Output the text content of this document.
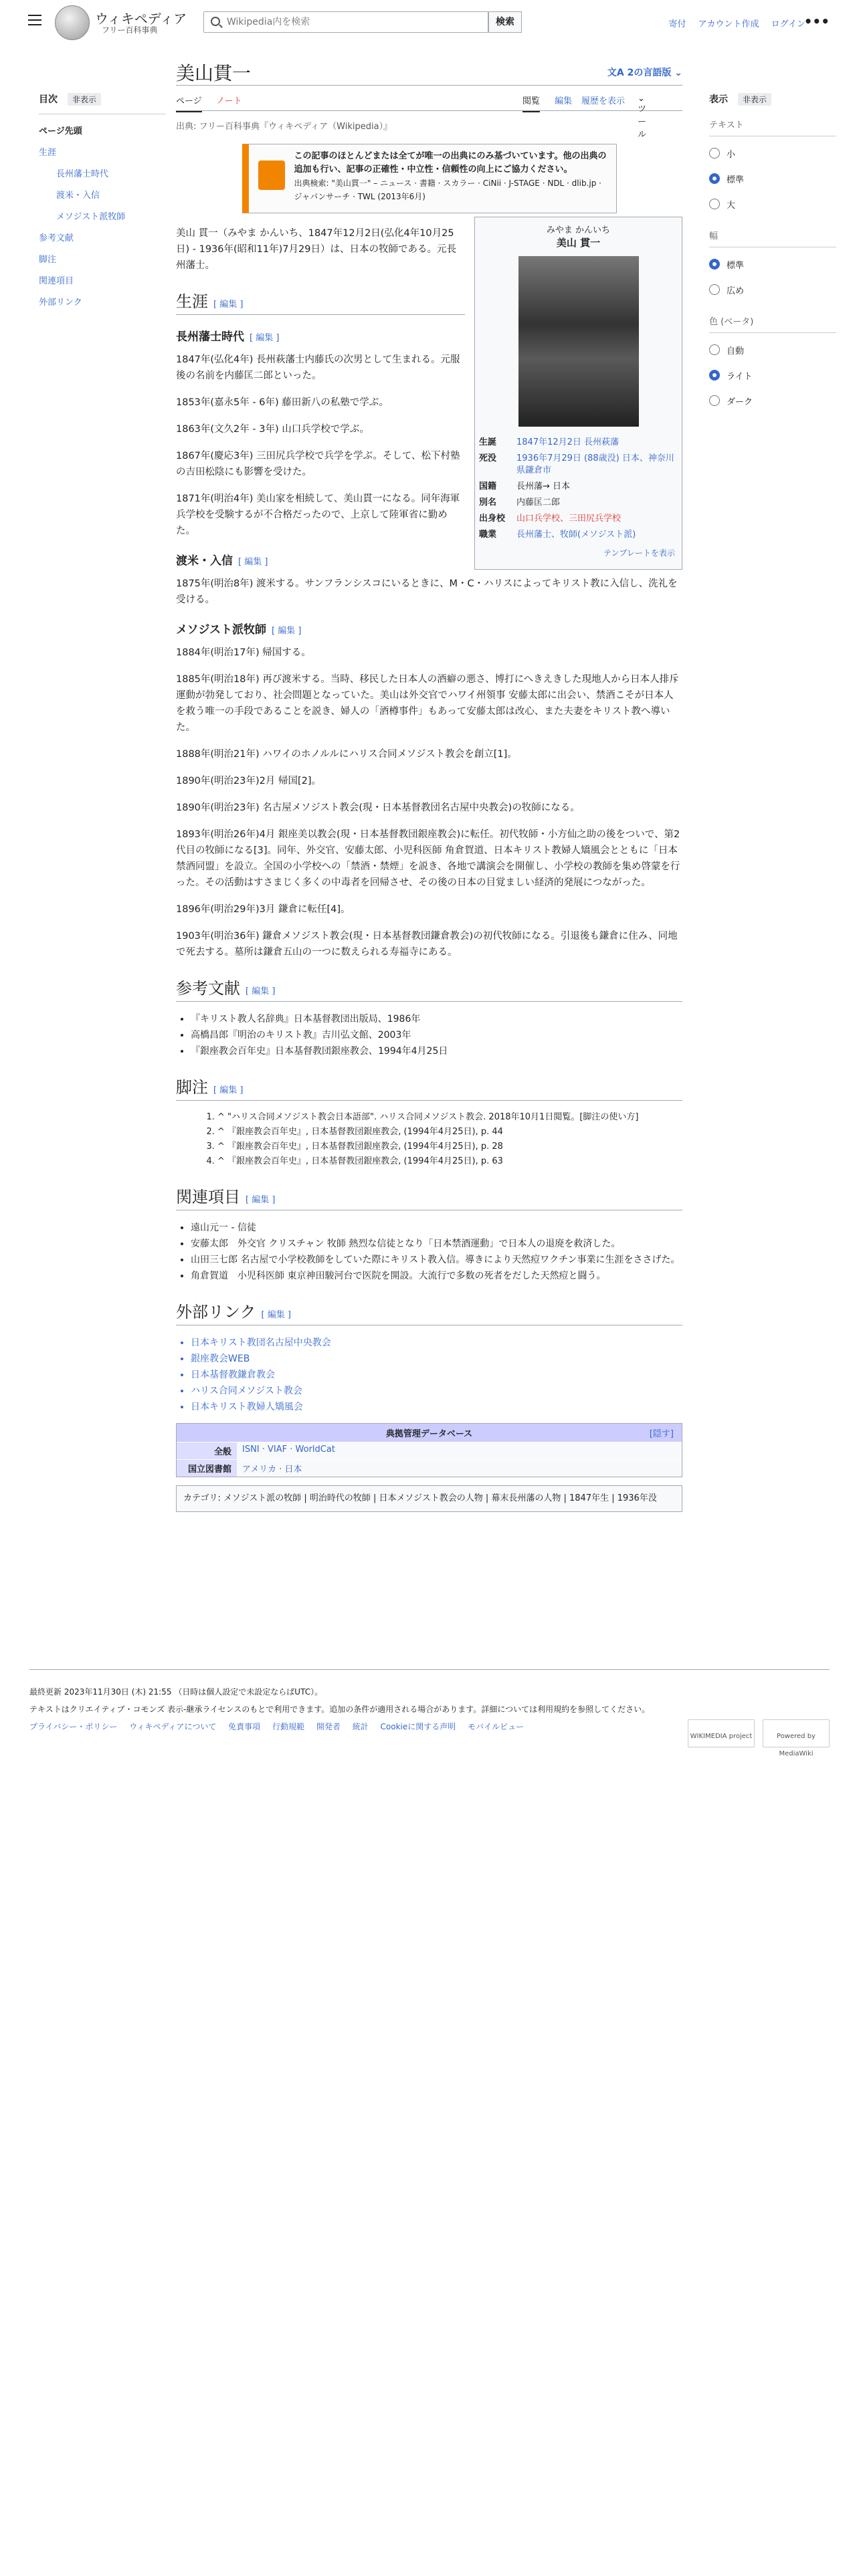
ウィキペディア
フリー百科事典
Wikipedia内を検索
検索	寄付 アカウント作成 ログイン
•••
目次 非表示
ページ先頭
生涯
長州藩士時代
渡米・入信
メソジスト派牧師
参考文献
脚注
関連項目
外部リンク
表示 非表示
テキスト
小
標準
大
幅
標準
広め
色 (ベータ)
自動
ライト
ダーク
美山貫一	文A 2の言語版 ⌄
ページ ノート	閲覧 編集 履歴を表示
ツール
⌄
出典: フリー百科事典『ウィキペディア（Wikipedia）』
この記事のほとんどまたは全てが唯一の出典にのみ基づいています。他の出典の追加も行い、記事の正確性・中立性・信頼性の向上にご協力ください。
出典検索: "美山貫一" – ニュース · 書籍 · スカラー · CiNii · J-STAGE · NDL · dlib.jp · ジャパンサーチ · TWL (2013年6月)

美山 貫一（みやま かんいち、1847年12月2日(弘化4年10月25日) - 1936年(昭和11年)7月29日）は、日本の牧師である。元長州藩士。

生涯 [ 編集 ]
長州藩士時代 [ 編集 ]

1847年(弘化4年) 長州萩藩士内藤氏の次男として生まれる。元服後の名前を内藤匡二郎といった。

1853年(嘉永5年 - 6年) 藤田新八の私塾で学ぶ。

1863年(文久2年 - 3年) 山口兵学校で学ぶ。

1867年(慶応3年) 三田尻兵学校で兵学を学ぶ。そして、松下村塾の吉田松陰にも影響を受けた。

1871年(明治4年) 美山家を相続して、美山貫一になる。同年海軍兵学校を受験するが不合格だったので、上京して陸軍省に勤めた。

渡米・入信 [ 編集 ]

1875年(明治8年) 渡米する。サンフランシスコにいるときに、M・C・ハリスによってキリスト教に入信し、洗礼を受ける。

メソジスト派牧師 [ 編集 ]

1884年(明治17年) 帰国する。

1885年(明治18年) 再び渡米する。当時、移民した日本人の酒癖の悪さ、博打にへきえきした現地人から日本人排斥運動が勃発しており、社会問題となっていた。美山は外交官でハワイ州領事 安藤太郎に出会い、禁酒こそが日本人を救う唯一の手段であることを説き、婦人の「酒樽事件」もあって安藤太郎は改心、また夫妻をキリスト教へ導いた。

1888年(明治21年) ハワイのホノルルにハリス合同メソジスト教会を創立[1]。

1890年(明治23年)2月 帰国[2]。

1890年(明治23年) 名古屋メソジスト教会(現・日本基督教団名古屋中央教会)の牧師になる。

1893年(明治26年)4月 銀座美以教会(現・日本基督教団銀座教会)に転任。初代牧師・小方仙之助の後をついで、第2代目の牧師になる[3]。同年、外交官、安藤太郎、小児科医師 角倉賀道、日本キリスト教婦人矯風会とともに「日本禁酒同盟」を設立。全国の小学校への「禁酒・禁煙」を説き、各地で講演会を開催し、小学校の教師を集め啓蒙を行った。その活動はすさまじく多くの中毒者を回帰させ、その後の日本の目覚ましい経済的発展につながった。

1896年(明治29年)3月 鎌倉に転任[4]。

1903年(明治36年) 鎌倉メソジスト教会(現・日本基督教団鎌倉教会)の初代牧師になる。引退後も鎌倉に住み、同地で死去する。墓所は鎌倉五山の一つに数えられる寿福寺にある。

参考文献 [ 編集 ]
• 『キリスト教人名辞典』日本基督教団出版局、1986年
• 高橋昌郎『明治のキリスト教』吉川弘文館、2003年
• 『銀座教会百年史』日本基督教団銀座教会、1994年4月25日
脚注 [ 編集 ]
1. ^ "ハリス合同メソジスト教会日本語部". ハリス合同メソジスト教会. 2018年10月1日閲覧。[脚注の使い方]
2. ^ 『銀座教会百年史』, 日本基督教団銀座教会, (1994年4月25日), p. 44
3. ^ 『銀座教会百年史』, 日本基督教団銀座教会, (1994年4月25日), p. 28
4. ^ 『銀座教会百年史』, 日本基督教団銀座教会, (1994年4月25日), p. 63
関連項目 [ 編集 ]
• 遠山元一 - 信徒
• 安藤太郎　外交官 クリスチャン 牧師 熱烈な信徒となり「日本禁酒運動」で日本人の退廃を救済した。
• 山田三七郎 名古屋で小学校教師をしていた際にキリスト教入信。導きにより天然痘ワクチン事業に生涯をささげた。
• 角倉賀道　小児科医師 東京神田駿河台で医院を開設。大流行で多数の死者をだした天然痘と闘う。
外部リンク [ 編集 ]
• 日本キリスト教団名古屋中央教会
• 銀座教会WEB
• 日本基督教鎌倉教会
• ハリス合同メソジスト教会
• 日本キリスト教婦人矯風会
典拠管理データベース	[隠す]
全般	ISNI · VIAF · WorldCat
国立図書館	アメリカ · 日本
カテゴリ: メソジスト派の牧師 | 明治時代の牧師 | 日本メソジスト教会の人物 | 幕末長州藩の人物 | 1847年生 | 1936年没
みやま かんいち
美山 貫一
生誕	1847年12月2日 長州萩藩
死没	1936年7月29日 (88歳没) 日本、神奈川県鎌倉市
国籍	長州藩→ 日本
別名	内藤匡二郎
出身校	山口兵学校、三田尻兵学校
職業	長州藩士、牧師(メソジスト派)
テンプレートを表示
最終更新 2023年11月30日 (木) 21:55 （日時は個人設定で未設定ならばUTC）。
テキストはクリエイティブ・コモンズ 表示-継承ライセンスのもとで利用できます。追加の条件が適用される場合があります。詳細については利用規約を参照してください。
プライバシー・ポリシー ウィキペディアについて 免責事項 行動規範 開発者 統計 Cookieに関する声明 モバイルビュー
WIKIMEDIA project	Powered by MediaWiki
